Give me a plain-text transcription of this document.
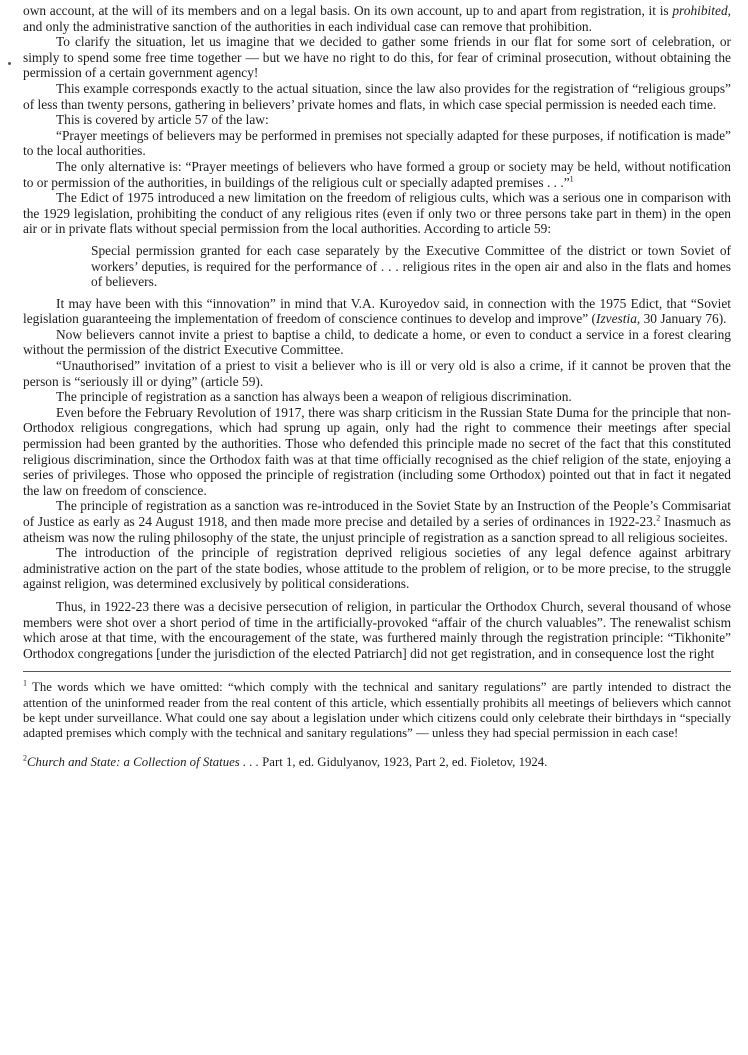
own account, at the will of its members and on a legal basis. On its own account, up to and apart from registration, it is prohibited, and only the administrative sanction of the authorities in each individual case can remove that prohibition.

To clarify the situation, let us imagine that we decided to gather some friends in our flat for some sort of celebration, or simply to spend some free time together — but we have no right to do this, for fear of criminal prosecution, without obtaining the permission of a certain government agency!

This example corresponds exactly to the actual situation, since the law also provides for the registration of “religious groups” of less than twenty persons, gathering in believers’ private homes and flats, in which case special permission is needed each time.

This is covered by article 57 of the law:

“Prayer meetings of believers may be performed in premises not specially adapted for these purposes, if notification is made” to the local authorities.

The only alternative is: “Prayer meetings of believers who have formed a group or society may be held, without notification to or permission of the authorities, in buildings of the religious cult or specially adapted premises . . .”$^1$

The Edict of 1975 introduced a new limitation on the freedom of religious cults, which was a serious one in comparison with the 1929 legislation, prohibiting the conduct of any religious rites (even if only two or three persons take part in them) in the open air or in private flats without special permission from the local authorities. According to article 59:

Special permission granted for each case separately by the Executive Committee of the district or town Soviet of workers’ deputies, is required for the performance of . . . religious rites in the open air and also in the flats and homes of believers.

It may have been with this “innovation” in mind that V.A. Kuroyedov said, in connection with the 1975 Edict, that “Soviet legislation guaranteeing the implementation of freedom of conscience continues to develop and improve” (Izvestia, 30 January 76).

Now believers cannot invite a priest to baptise a child, to dedicate a home, or even to conduct a service in a forest clearing without the permission of the district Executive Committee.

“Unauthorised” invitation of a priest to visit a believer who is ill or very old is also a crime, if it cannot be proven that the person is “seriously ill or dying” (article 59).

The principle of registration as a sanction has always been a weapon of religious discrimination.

Even before the February Revolution of 1917, there was sharp criticism in the Russian State Duma for the principle that non-Orthodox religious congregations, which had sprung up again, only had the right to commence their meetings after special permission had been granted by the authorities. Those who defended this principle made no secret of the fact that this constituted religious discrimination, since the Orthodox faith was at that time officially recognised as the chief religion of the state, enjoying a series of privileges. Those who opposed the principle of registration (including some Orthodox) pointed out that in fact it negated the law on freedom of conscience.

The principle of registration as a sanction was re-introduced in the Soviet State by an Instruction of the People’s Commisariat of Justice as early as 24 August 1918, and then made more precise and detailed by a series of ordinances in 1922-23.$^2$ Inasmuch as atheism was now the ruling philosophy of the state, the unjust principle of registration as a sanction spread to all religious socieites.

The introduction of the principle of registration deprived religious societies of any legal defence against arbitrary administrative action on the part of the state bodies, whose attitude to the problem of religion, or to be more precise, to the struggle against religion, was determined exclusively by political considerations.

Thus, in 1922-23 there was a decisive persecution of religion, in particular the Orthodox Church, several thousand of whose members were shot over a short period of time in the artificially-provoked “affair of the church valuables”. The renewalist schism which arose at that time, with the encouragement of the state, was furthered mainly through the registration principle: “Tikhonite” Orthodox congregations [under the jurisdiction of the elected Patriarch] did not get registration, and in consequence lost the right

$^1$ The words which we have omitted: “which comply with the technical and sanitary regulations” are partly intended to distract the attention of the uninformed reader from the real content of this article, which essentially prohibits all meetings of believers which cannot be kept under surveillance. What could one say about a legislation under which citizens could only celebrate their birthdays in “specially adapted premises which comply with the technical and sanitary regulations” — unless they had special permission in each case!

$^2$Church and State: a Collection of Statues . . . Part 1, ed. Gidulyanov, 1923, Part 2, ed. Fioletov, 1924.
